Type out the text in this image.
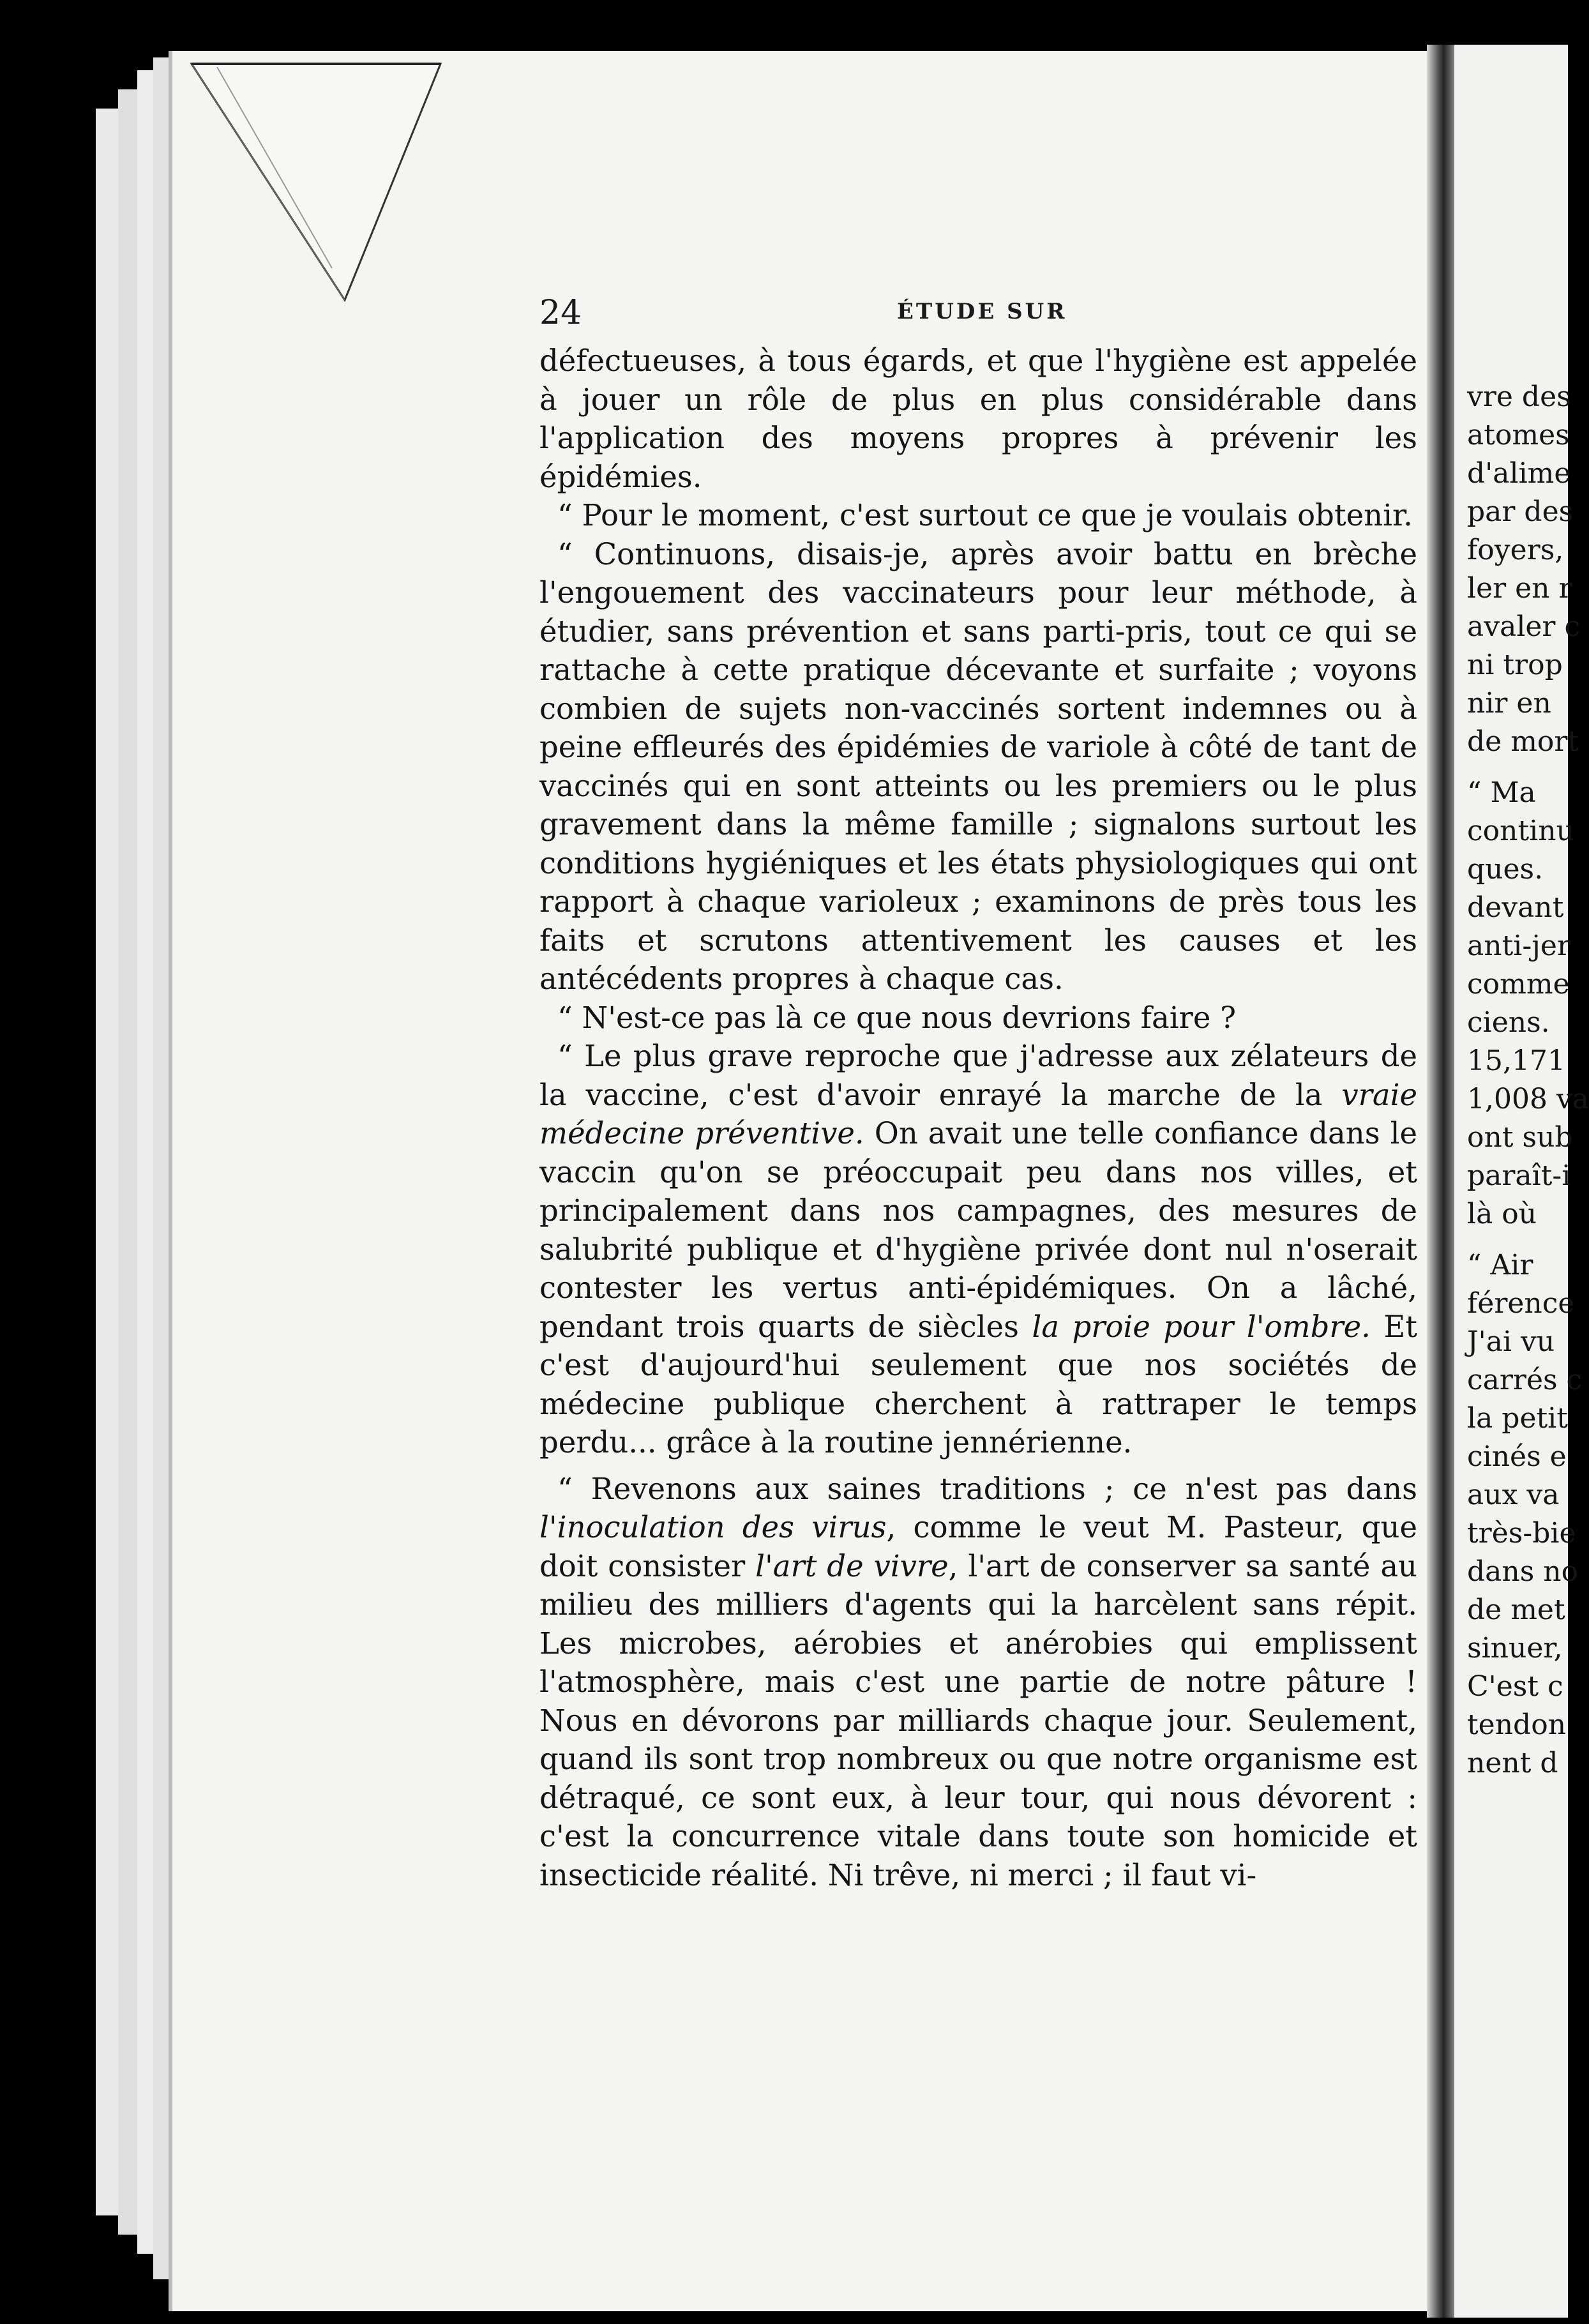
24	ÉTUDE SUR

défectueuses, à tous égards, et que l'hygiène est appelée à jouer un rôle de plus en plus considérable dans l'application des moyens propres à prévenir les épidémies.

“ Pour le moment, c'est surtout ce que je voulais obtenir.

“ Continuons, disais-je, après avoir battu en brèche l'engouement des vaccinateurs pour leur méthode, à étudier, sans prévention et sans parti-pris, tout ce qui se rattache à cette pratique décevante et surfaite ; voyons combien de sujets non-vaccinés sortent indemnes ou à peine effleurés des épidémies de variole à côté de tant de vaccinés qui en sont atteints ou les premiers ou le plus gravement dans la même famille ; signalons surtout les conditions hygiéniques et les états physiologiques qui ont rapport à chaque varioleux ; examinons de près tous les faits et scrutons attentivement les causes et les antécédents propres à chaque cas.

“ N'est-ce pas là ce que nous devrions faire ?

“ Le plus grave reproche que j'adresse aux zélateurs de la vaccine, c'est d'avoir enrayé la marche de la vraie médecine préventive. On avait une telle confiance dans le vaccin qu'on se préoccupait peu dans nos villes, et principalement dans nos campagnes, des mesures de salubrité publique et d'hygiène privée dont nul n'oserait contester les vertus anti-épidémiques. On a lâché, pendant trois quarts de siècles la proie pour l'ombre. Et c'est d'aujourd'hui seulement que nos sociétés de médecine publique cherchent à rattraper le temps perdu... grâce à la routine jennérienne.

“ Revenons aux saines traditions ; ce n'est pas dans l'inoculation des virus, comme le veut M. Pasteur, que doit consister l'art de vivre, l'art de conserver sa santé au milieu des milliers d'agents qui la harcèlent sans répit. Les microbes, aérobies et anérobies qui emplissent l'atmosphère, mais c'est une partie de notre pâture ! Nous en dévorons par milliards chaque jour. Seulement, quand ils sont trop nombreux ou que notre organisme est détraqué, ce sont eux, à leur tour, qui nous dévorent : c'est la concurrence vitale dans toute son homicide et insecticide réalité. Ni trêve, ni merci ; il faut vi-

vre des
atomes
d'alime
par des
foyers,
ler en r
avaler c
ni trop
nir en
de mort
“ Ma
continu
ques.
devant
anti-jer
comme
ciens.
15,171
1,008 va
ont sub
paraît-i
là où
“ Air
férence
J'ai vu
carrés c
la petit
cinés e
aux va
très-bie
dans no
de met
sinuer,
C'est c
tendon
nent d
